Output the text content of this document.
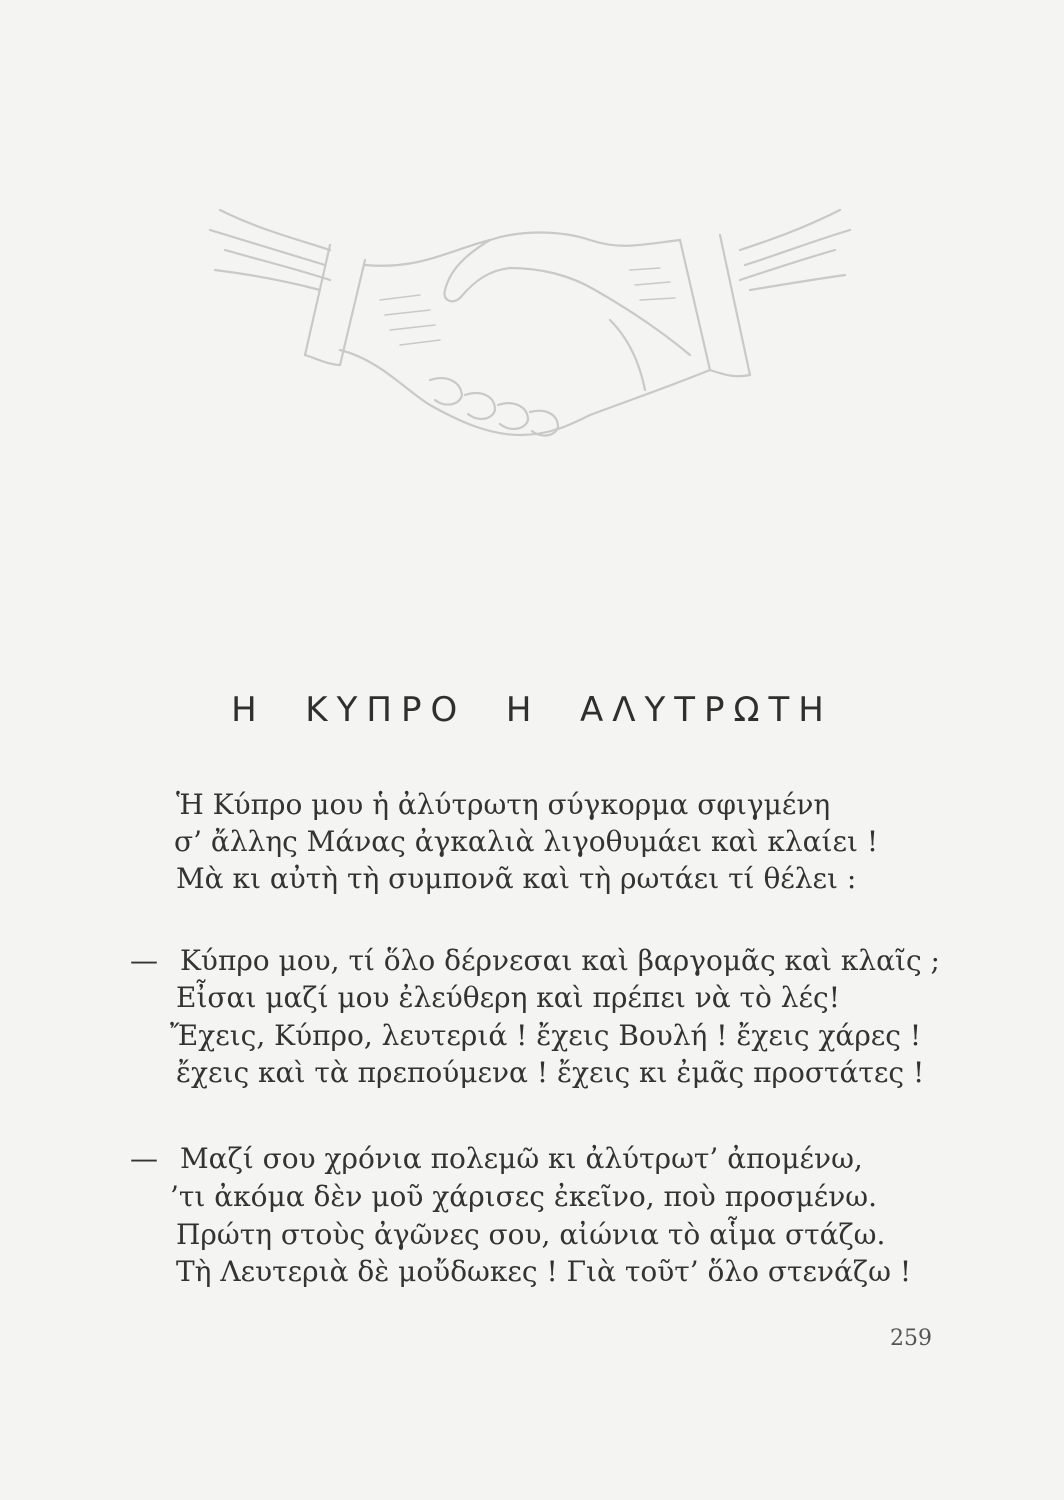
Η  ΚΥΠΡΟ  Η  ΑΛΥΤΡΩΤΗ
Ἡ Κύπρο μου ἡ ἀλύτρωτη σύγκορμα σφιγμένη
σ’ ἄλλης Μάνας ἀγκαλιὰ λιγοθυμάει καὶ κλαίει !
Μὰ κι αὐτὴ τὴ συμπονᾶ καὶ τὴ ρωτάει τί θέλει :
— Κύπρο μου, τί ὅλο δέρνεσαι καὶ βαργομᾶς καὶ κλαῖς ;
Εἶσαι μαζί μου ἐλεύθερη καὶ πρέπει νὰ τὸ λές!
Ἔχεις, Κύπρο, λευτεριά ! ἔχεις Βουλή ! ἔχεις χάρες !
ἔχεις καὶ τὰ πρεπούμενα ! ἔχεις κι ἐμᾶς προστάτες !
— Μαζί σου χρόνια πολεμῶ κι ἀλύτρωτ’ ἀπομένω,
’τι ἀκόμα δὲν μοῦ χάρισες ἐκεῖνο, ποὺ προσμένω.
Πρώτη στοὺς ἀγῶνες σου, αἰώνια τὸ αἷμα στάζω.
Τὴ Λευτεριὰ δὲ μοὔδωκες ! Γιὰ τοῦτ’ ὅλο στενάζω !
259
